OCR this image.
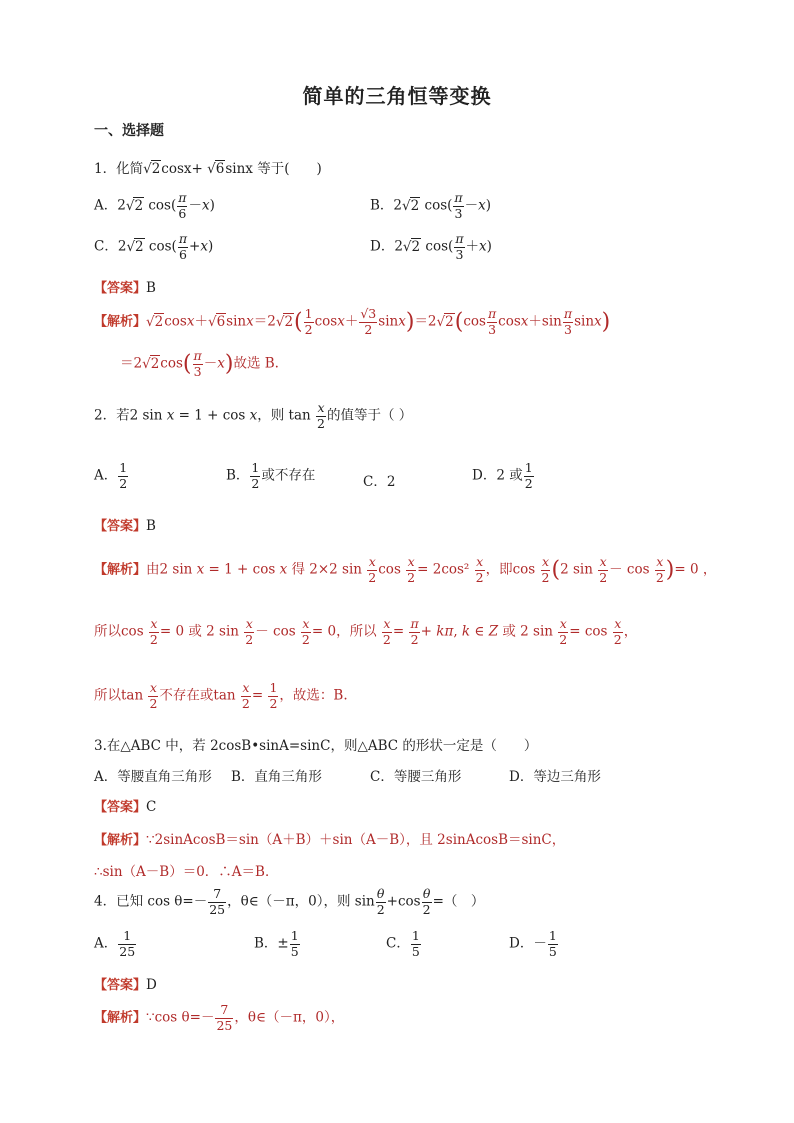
简单的三角恒等变换
一、选择题
1．化简√2cosx+ √6sinx 等于(　　)
A．2√2 $\cos( \frac{\pi}{6} -x)$	B．2√2 $\cos( \frac{\pi}{3} -x)$
C．2√2 $\cos( \frac{\pi}{6} +x)$	D．2√2 $\cos( \frac{\pi}{3} +x)$
【答案】B
【解析】$√2\cos x+√6\sin x=2√2( \frac{1}{2} \cos x+ \frac{√3}{2} \sin x)=2√2(\cos \frac{\pi}{3} \cos x+\sin \frac{\pi}{3} \sin x)$
$=2√2\cos( \frac{\pi}{3} -x)$故选 B.
2．若2 sin x = 1 + cos x，则 $\tan \frac{x}{2}$ 的值等于（ ）
A． $\frac{1}{2}$	B． $\frac{1}{2}$ 或不存在	C．2	D．2 或 $\frac{1}{2}$
【答案】B
【解析】由2 sin x = 1 + cos x 得 2×2 $\sin \frac{x}{2}$ $\cos \frac{x}{2} = 2\cos^2 \frac{x}{2}$ ，即$\cos \frac{x}{2} (2$ $\sin \frac{x}{2} - \cos \frac{x}{2}$ )= 0 ，
所以$\cos \frac{x}{2} = 0$ 或 2 $\sin \frac{x}{2} - \cos \frac{x}{2} = 0$，所以 $\frac{x}{2} = \frac{\pi}{2} + k\pi$, k ∈ Z 或 2 $\sin \frac{x}{2} = \cos \frac{x}{2}$ ，
所以$\tan \frac{x}{2}$ 不存在或$\tan \frac{x}{2} = \frac{1}{2}$ ，故选：B.
3.在△ABC 中，若 2cosB•sinA=sinC，则△ABC 的形状一定是（　　）
A．等腰直角三角形 B．直角三角形	C．等腰三角形	D．等边三角形
【答案】C
【解析】∵2sinAcosB＝sin（A＋B）＋sin（A－B），且 2sinAcosB＝sinC，
∴sin（A－B）＝0．∴A＝B．
4．已知 $\cos \theta=- \frac{7}{25}$ ，θ∈（－π，0），则 $\sin \frac{\theta}{2} +\cos \frac{\theta}{2}$ =（　）
A． $\frac{1}{25}$	B．± $\frac{1}{5}$	C． $\frac{1}{5}$	D．－ $\frac{1}{5}$
【答案】D
【解析】∵cos $\theta=- \frac{7}{25}$ ，θ∈（－π，0），
